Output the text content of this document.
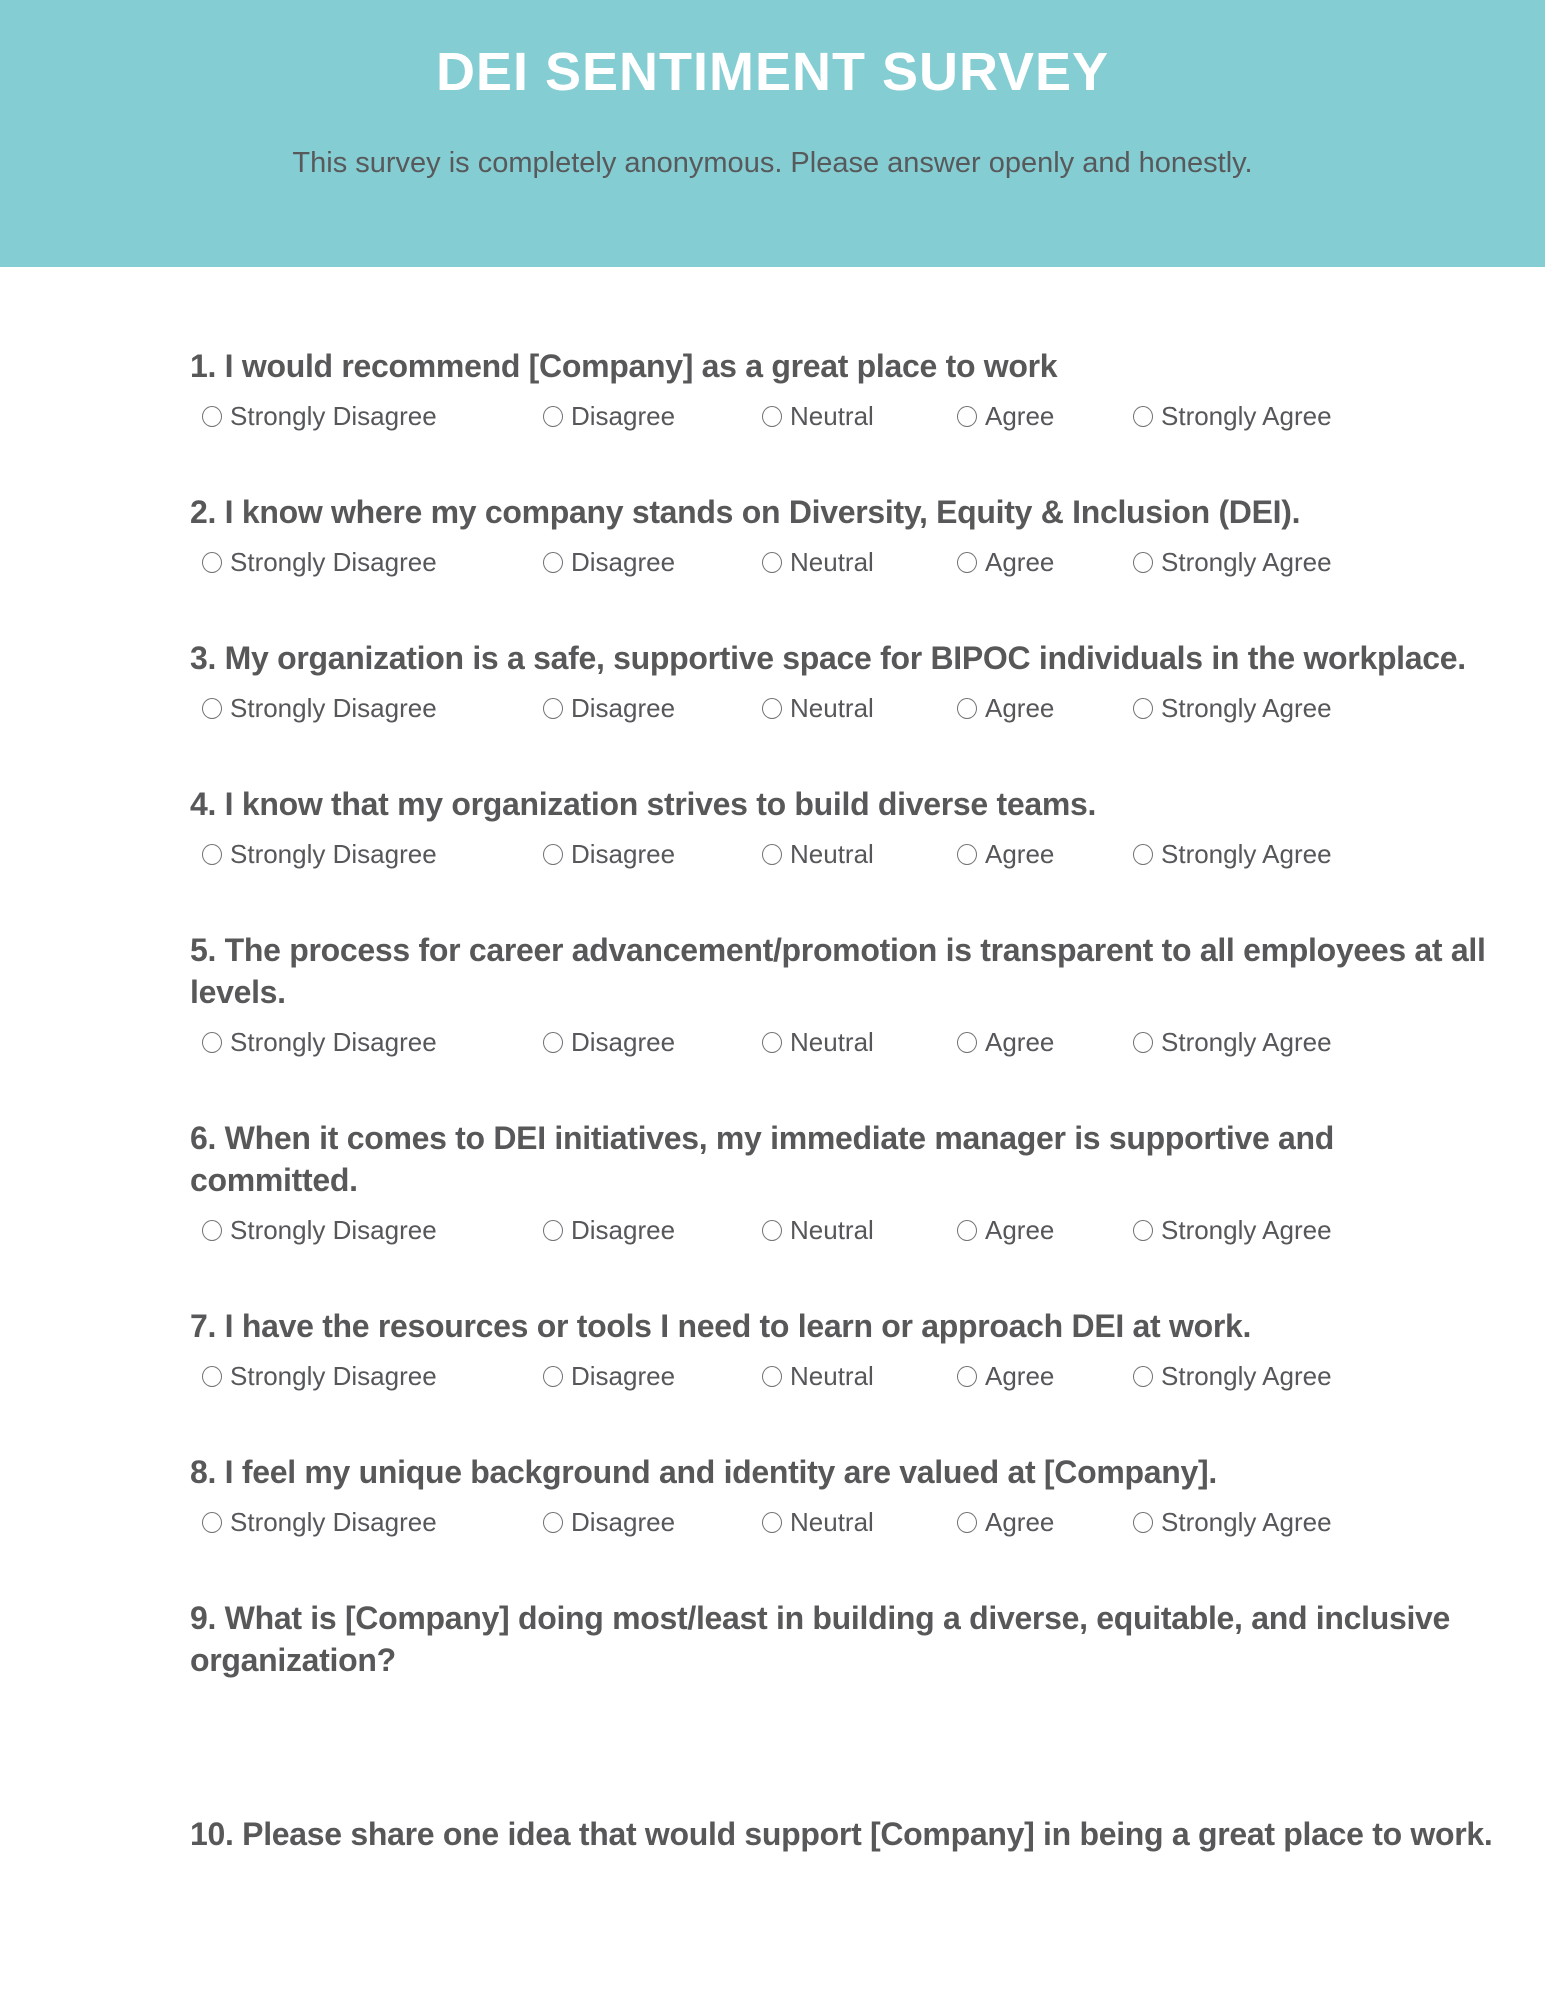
DEI SENTIMENT SURVEY
This survey is completely anonymous. Please answer openly and honestly.
1. I would recommend [Company] as a great place to work
Strongly Disagree	Disagree	Neutral	Agree	Strongly Agree
2. I know where my company stands on Diversity, Equity & Inclusion (DEI).
Strongly Disagree	Disagree	Neutral	Agree	Strongly Agree
3. My organization is a safe, supportive space for BIPOC individuals in the workplace.
Strongly Disagree	Disagree	Neutral	Agree	Strongly Agree
4. I know that my organization strives to build diverse teams.
Strongly Disagree	Disagree	Neutral	Agree	Strongly Agree
5. The process for career advancement/promotion is transparent to all employees at all levels.
Strongly Disagree	Disagree	Neutral	Agree	Strongly Agree
6. When it comes to DEI initiatives, my immediate manager is supportive and committed.
Strongly Disagree	Disagree	Neutral	Agree	Strongly Agree
7. I have the resources or tools I need to learn or approach DEI at work.
Strongly Disagree	Disagree	Neutral	Agree	Strongly Agree
8. I feel my unique background and identity are valued at [Company].
Strongly Disagree	Disagree	Neutral	Agree	Strongly Agree
9. What is [Company] doing most/least in building a diverse, equitable, and inclusive organization?
10. Please share one idea that would support [Company] in being a great place to work.
